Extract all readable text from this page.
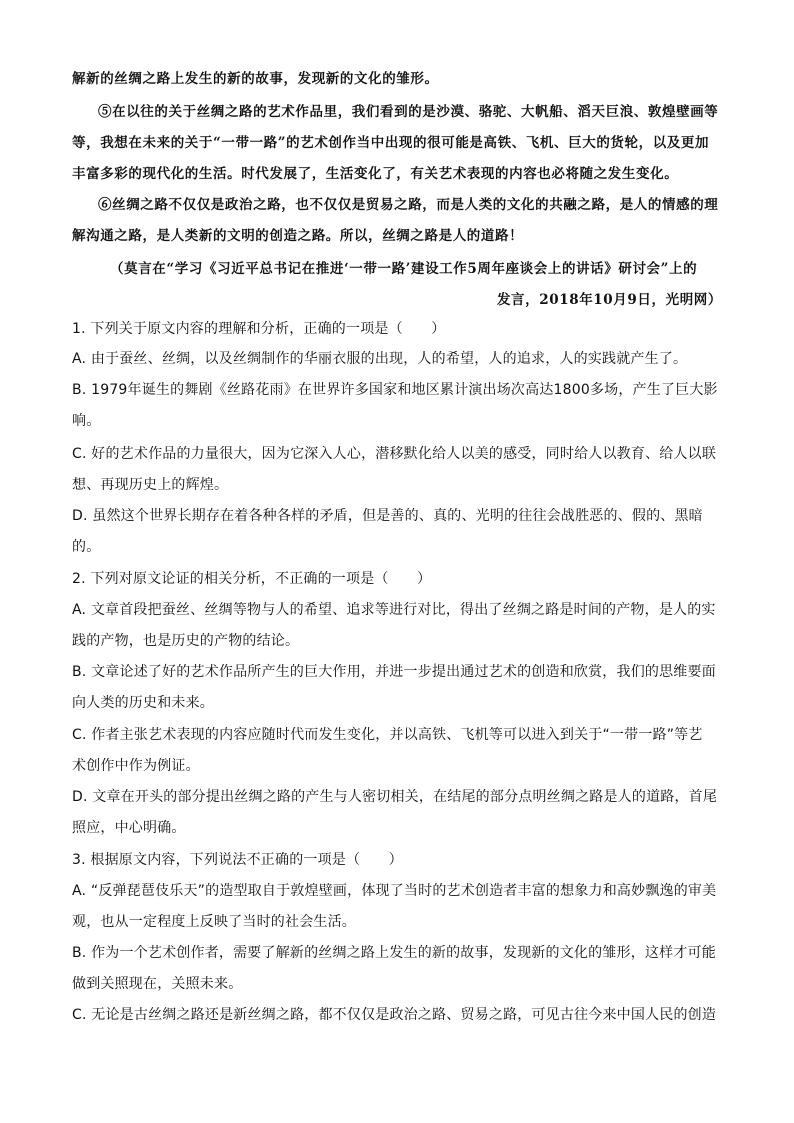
解新的丝绸之路上发生的新的故事，发现新的文化的雏形。
⑤在以往的关于丝绸之路的艺术作品里，我们看到的是沙漠、骆驼、大帆船、滔天巨浪、敦煌壁画等
等，我想在未来的关于“一带一路”的艺术创作当中出现的很可能是高铁、飞机、巨大的货轮，以及更加
丰富多彩的现代化的生活。时代发展了，生活变化了，有关艺术表现的内容也必将随之发生变化。
⑥丝绸之路不仅仅是政治之路，也不仅仅是贸易之路，而是人类的文化的共融之路，是人的情感的理
解沟通之路，是人类新的文明的创造之路。所以，丝绸之路是人的道路！
（莫言在“学习《习近平总书记在推进‘一带一路’建设工作5周年座谈会上的讲话》研讨会”上的
发言，2018年10月9日，光明网）
1. 下列关于原文内容的理解和分析，正确的一项是（　　）
A. 由于蚕丝、丝绸，以及丝绸制作的华丽衣服的出现，人的希望，人的追求，人的实践就产生了。
B. 1979年诞生的舞剧《丝路花雨》在世界许多国家和地区累计演出场次高达1800多场，产生了巨大影
响。
C. 好的艺术作品的力量很大，因为它深入人心，潜移默化给人以美的感受，同时给人以教育、给人以联
想、再现历史上的辉煌。
D. 虽然这个世界长期存在着各种各样的矛盾，但是善的、真的、光明的往往会战胜恶的、假的、黑暗
的。
2. 下列对原文论证的相关分析，不正确的一项是（　　）
A. 文章首段把蚕丝、丝绸等物与人的希望、追求等进行对比，得出了丝绸之路是时间的产物，是人的实
践的产物，也是历史的产物的结论。
B. 文章论述了好的艺术作品所产生的巨大作用，并进一步提出通过艺术的创造和欣赏，我们的思维要面
向人类的历史和未来。
C. 作者主张艺术表现的内容应随时代而发生变化，并以高铁、飞机等可以进入到关于“一带一路”等艺
术创作中作为例证。
D. 文章在开头的部分提出丝绸之路的产生与人密切相关，在结尾的部分点明丝绸之路是人的道路，首尾
照应，中心明确。
3. 根据原文内容，下列说法不正确的一项是（　　）
A. “反弹琵琶伎乐天”的造型取自于敦煌壁画，体现了当时的艺术创造者丰富的想象力和高妙飘逸的审美
观，也从一定程度上反映了当时的社会生活。
B. 作为一个艺术创作者，需要了解新的丝绸之路上发生的新的故事，发现新的文化的雏形，这样才可能
做到关照现在，关照未来。
C. 无论是古丝绸之路还是新丝绸之路，都不仅仅是政治之路、贸易之路，可见古往今来中国人民的创造
